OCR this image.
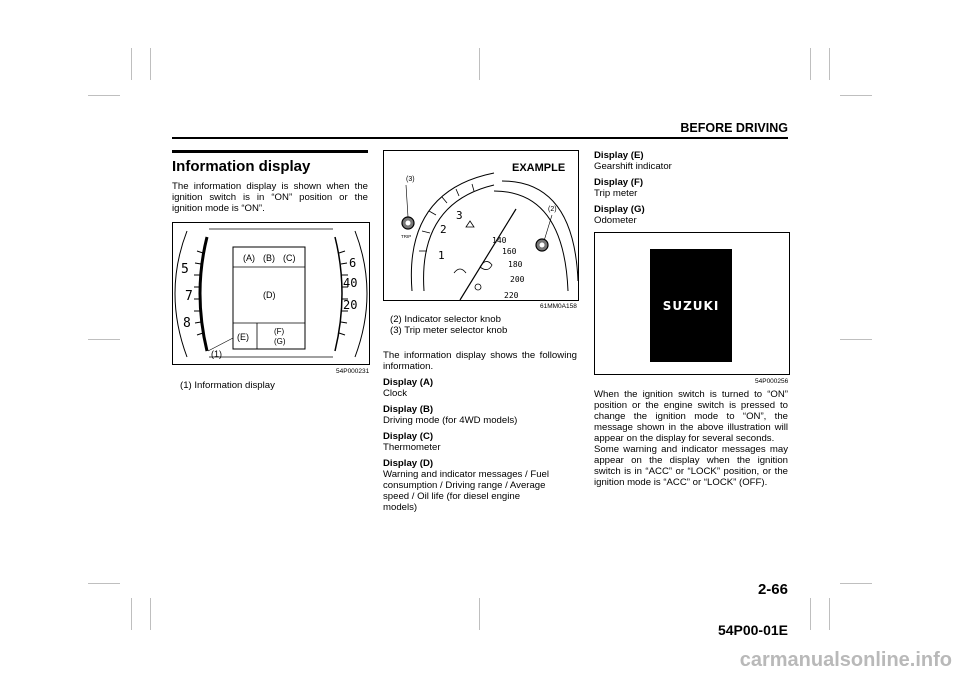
BEFORE DRIVING
Information display

The information display is shown when the ignition switch is in “ON” position or the ignition mode is “ON”.

(A) (B) (C)
(D)
(E)
(F)
(G)
(1)
5
7
8
6
40
20
54P000231

(1) Information display

EXAMPLE
(3)
(2)
TRIP
3
2
1
140
160
180
200
220
61MM0A158

(2) Indicator selector knob

(3) Trip meter selector knob

The information display shows the following information.

Display (A)

Clock

Display (B)

Driving mode (for 4WD models)

Display (C)

Thermometer

Display (D)

Warning and indicator messages / Fuel consumption / Driving range / Average speed / Oil life (for diesel engine models)

Display (E)

Gearshift indicator

Display (F)

Trip meter

Display (G)

Odometer

SUZUKI
54P000256

When the ignition switch is turned to “ON” position or the engine switch is pressed to change the ignition mode to “ON”, the message shown in the above illustration will appear on the display for several seconds.

Some warning and indicator messages may appear on the display when the ignition switch is in “ACC” or “LOCK” position, or the ignition mode is “ACC” or “LOCK” (OFF).

2-66
54P00-01E
carmanualsonline.info
